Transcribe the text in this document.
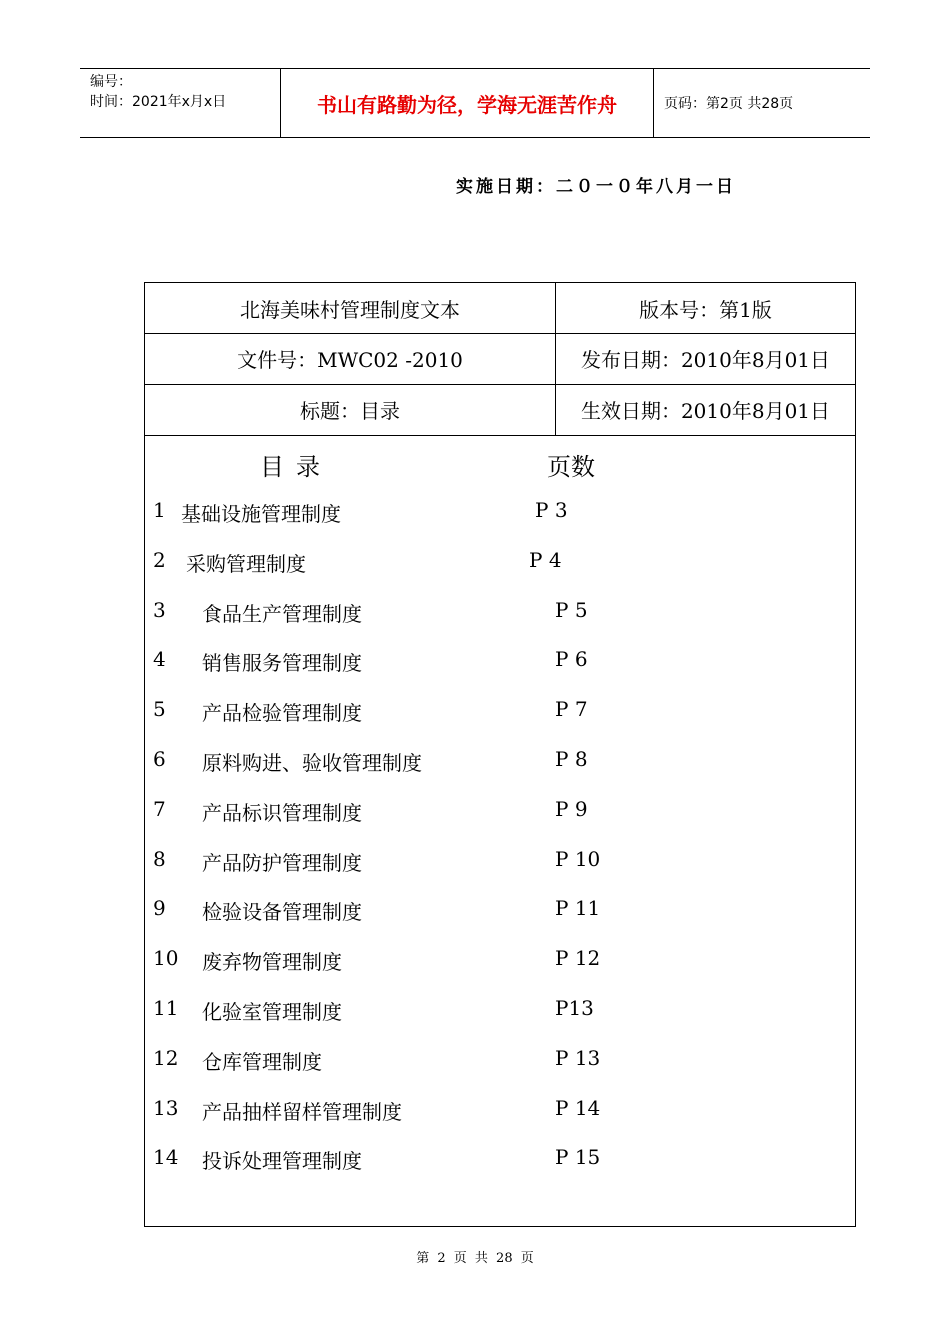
编号：
时间：2021年x月x日	书山有路勤为径，学海无涯苦作舟	页码：第2页 共28页
实施日期：二０一０年八月一日
北海美味村管理制度文本	版本号：第1版
文件号：MWC02 -2010	发布日期：2010年8月01日
标题：目录	生效日期：2010年8月01日
目录	页数
1 基础设施管理制度	P 3
2 采购管理制度	P 4
3 食品生产管理制度	P 5
4 销售服务管理制度	P 6
5 产品检验管理制度	P 7
6 原料购进、验收管理制度	P 8
7 产品标识管理制度	P 9
8 产品防护管理制度	P 10
9 检验设备管理制度	P 11
10 废弃物管理制度	P 12
11 化验室管理制度	P13
12 仓库管理制度	P 13
13 产品抽样留样管理制度	P 14
14 投诉处理管理制度	P 15
第 2 页 共 28 页
